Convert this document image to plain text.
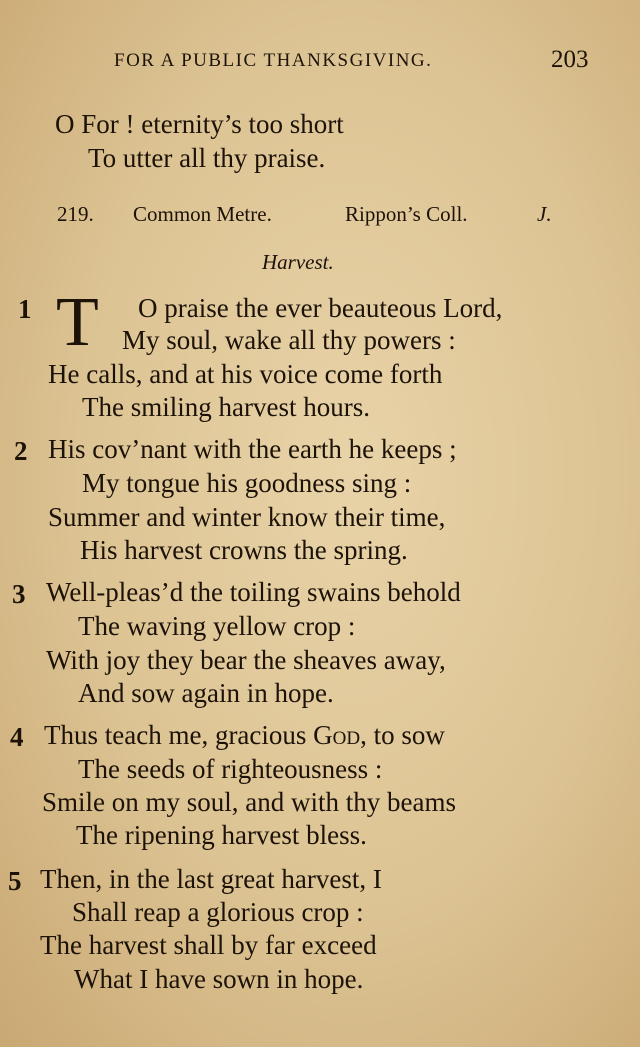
FOR A PUBLIC THANKSGIVING.	203
O For ! eternity’s too short
To utter all thy praise.
219. Common Metre.	Rippon’s Coll.	J.
Harvest.
1 T O praise the ever beauteous Lord,
My soul, wake all thy powers :
He calls, and at his voice come forth
The smiling harvest hours.
2 His cov’nant with the earth he keeps ;
My tongue his goodness sing :
Summer and winter know their time,
His harvest crowns the spring.
3 Well-pleas’d the toiling swains behold
The waving yellow crop :
With joy they bear the sheaves away,
And sow again in hope.
4 Thus teach me, gracious God, to sow
The seeds of righteousness :
Smile on my soul, and with thy beams
The ripening harvest bless.
5 Then, in the last great harvest, I
Shall reap a glorious crop :
The harvest shall by far exceed
What I have sown in hope.
